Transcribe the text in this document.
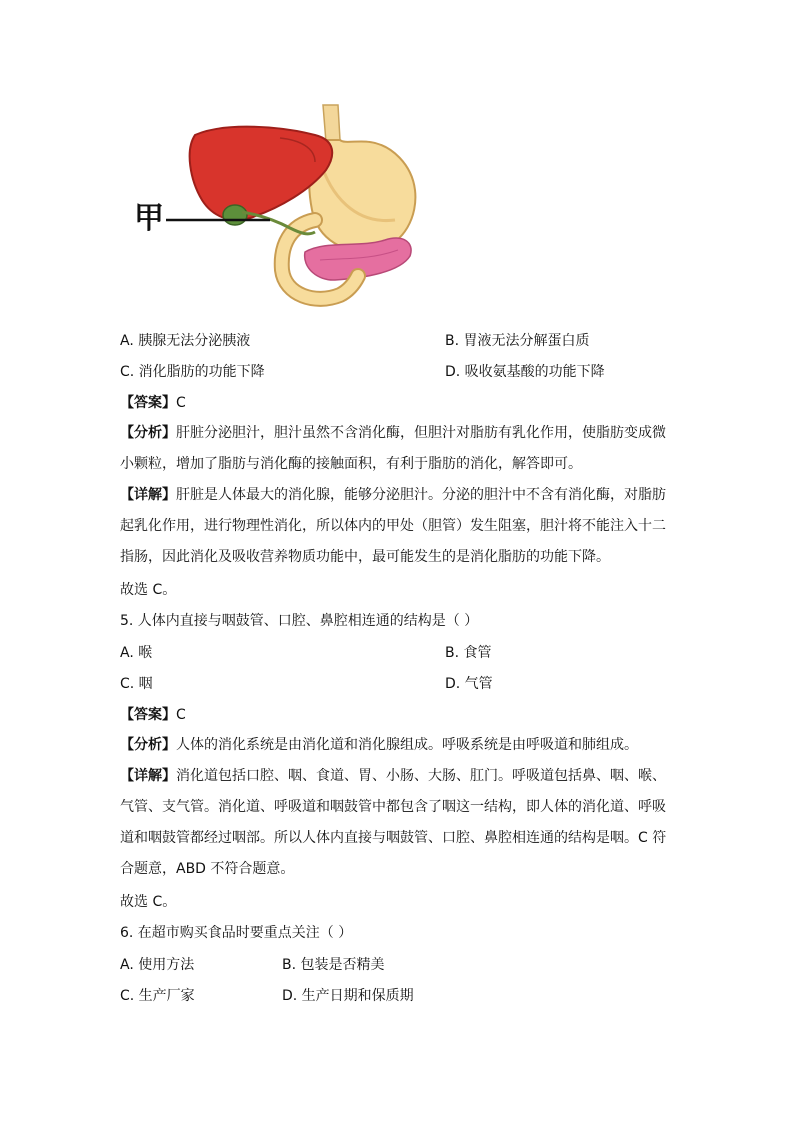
甲
A. 胰腺无法分泌胰液	B. 胃液无法分解蛋白质
C. 消化脂肪的功能下降	D. 吸收氨基酸的功能下降
【答案】C
【分析】肝脏分泌胆汁，胆汁虽然不含消化酶，但胆汁对脂肪有乳化作用，使脂肪变成微小颗粒，增加了脂肪与消化酶的接触面积，有利于脂肪的消化，解答即可。
【详解】肝脏是人体最大的消化腺，能够分泌胆汁。分泌的胆汁中不含有消化酶，对脂肪起乳化作用，进行物理性消化，所以体内的甲处（胆管）发生阻塞，胆汁将不能注入十二指肠，因此消化及吸收营养物质功能中，最可能发生的是消化脂肪的功能下降。
故选 C。
5. 人体内直接与咽鼓管、口腔、鼻腔相连通的结构是（ ）
A. 喉	B. 食管
C. 咽	D. 气管
【答案】C
【分析】人体的消化系统是由消化道和消化腺组成。呼吸系统是由呼吸道和肺组成。
【详解】消化道包括口腔、咽、食道、胃、小肠、大肠、肛门。呼吸道包括鼻、咽、喉、气管、支气管。消化道、呼吸道和咽鼓管中都包含了咽这一结构，即人体的消化道、呼吸道和咽鼓管都经过咽部。所以人体内直接与咽鼓管、口腔、鼻腔相连通的结构是咽。C 符合题意，ABD 不符合题意。
故选 C。
6. 在超市购买食品时要重点关注（ ）
A. 使用方法	B. 包装是否精美
C. 生产厂家	D. 生产日期和保质期
